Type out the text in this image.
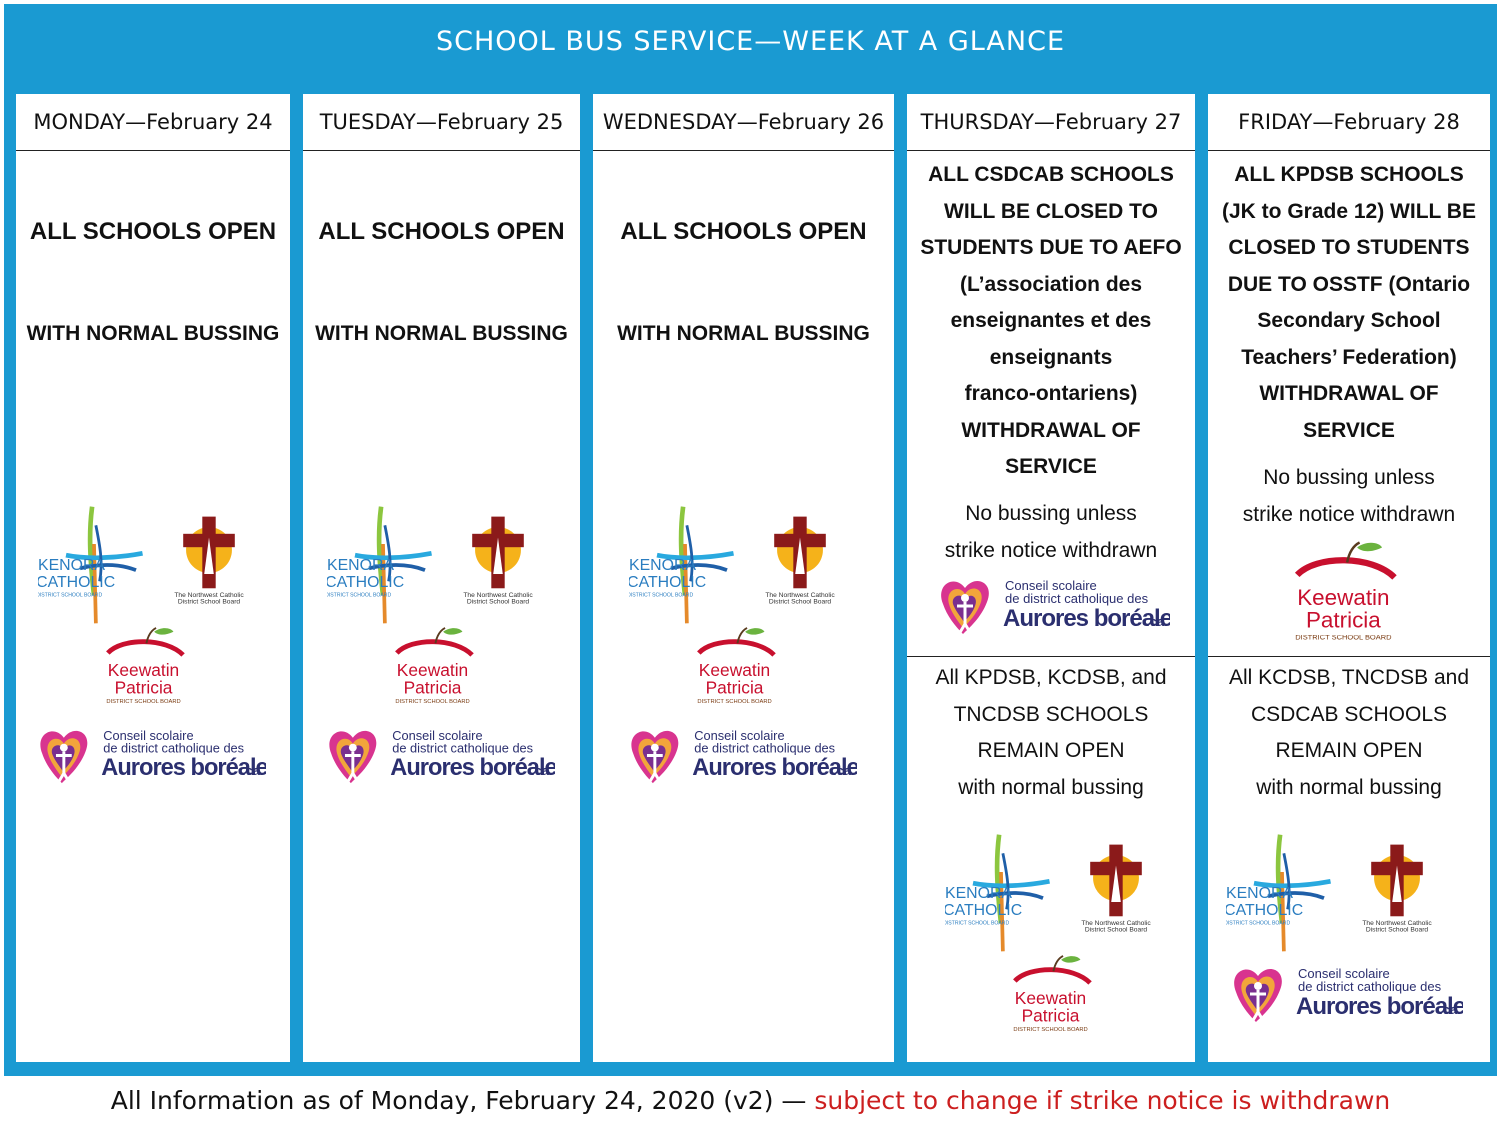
SCHOOL BUS SERVICE—WEEK AT A GLANCE
MONDAY—February 24
ALL SCHOOLS OPEN
WITH NORMAL BUSSING
TUESDAY—February 25
ALL SCHOOLS OPEN
WITH NORMAL BUSSING
WEDNESDAY—February 26
ALL SCHOOLS OPEN
WITH NORMAL BUSSING
THURSDAY—February 27
ALL CSDCAB SCHOOLS
WILL BE CLOSED TO
STUDENTS DUE TO AEFO
(L’association des
enseignantes et des
enseignants
franco-ontariens)
WITHDRAWAL OF
SERVICE
No bussing unless
strike notice withdrawn
All KPDSB, KCDSB, and
TNCDSB SCHOOLS
REMAIN OPEN
with normal bussing
FRIDAY—February 28
ALL KPDSB SCHOOLS
(JK to Grade 12) WILL BE
CLOSED TO STUDENTS
DUE TO OSSTF (Ontario
Secondary School
Teachers’ Federation)
WITHDRAWAL OF
SERVICE
No bussing unless
strike notice withdrawn
All KCDSB, TNCDSB and
CSDCAB SCHOOLS
REMAIN OPEN
with normal bussing
All Information as of Monday, February 24, 2020 (v2) — subject to change if strike notice is withdrawn
